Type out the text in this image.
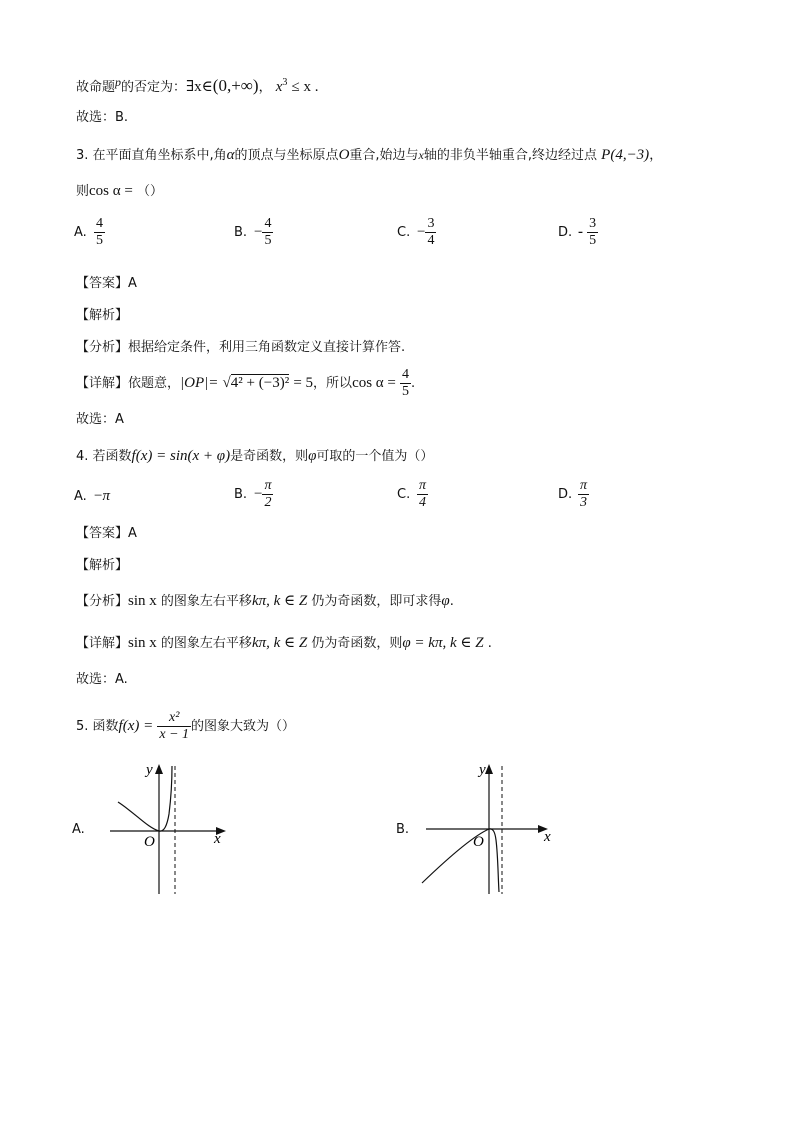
故命题p的否定为：∃x∈(0,+∞)， $x^3 \le x$ .
故选：B.
3. 在平面直角坐标系中,角α的顶点与坐标原点O重合,始边与x轴的非负半轴重合,终边经过点 P(4,−3)，
则cos α = （）
A. $\frac{4}{5}$	B. − $\frac{4}{5}$	C. − $\frac{3}{4}$	D. - $\frac{3}{5}$
【答案】A
【解析】
【分析】根据给定条件，利用三角函数定义直接计算作答.
【详解】依题意，|OP|= √4² + (−3)² = 5，所以$\cos \alpha = \frac{4}{5}$ .
故选：A
4. 若函数f(x) = sin(x + φ)是奇函数，则φ可取的一个值为（）
A. −π	B. − $\frac{\pi}{2}$	C. $\frac{\pi}{4}$	D. $\frac{\pi}{3}$
【答案】A
【解析】
【分析】sin x 的图象左右平移kπ, k ∈ Z 仍为奇函数，即可求得φ.
【详解】sin x 的图象左右平移kπ, k ∈ Z 仍为奇函数，则φ = kπ, k ∈ Z .
故选：A.
5. 函数$f(x) = \frac{\text{x²}}{x - 1}$ 的图象大致为（）
A.
y
x
O
B.
y
x
O
